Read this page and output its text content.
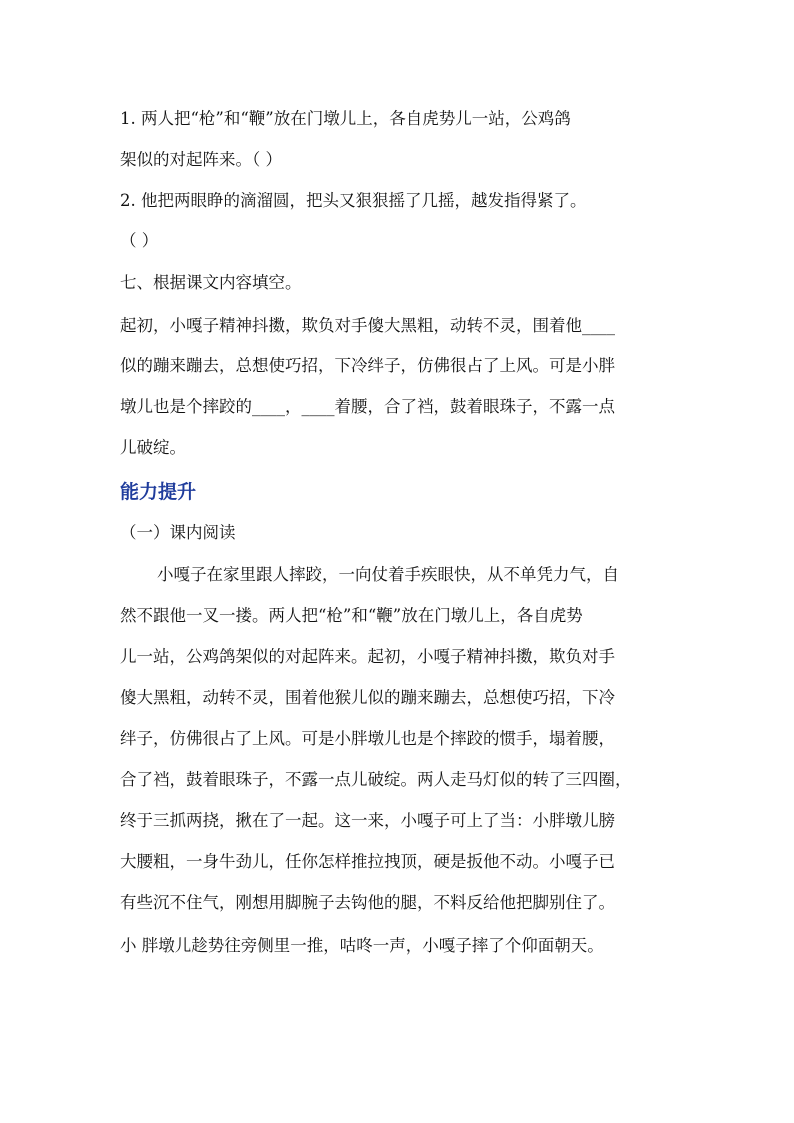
1. 两人把“枪”和“鞭”放在门墩儿上，各自虎势儿一站，公鸡鸽
架似的对起阵来。（ ）
2. 他把两眼睁的滴溜圆，把头又狠狠摇了几摇，越发指得紧了。
（ ）
七、根据课文内容填空。
起初，小嘎子精神抖擞，欺负对手傻大黑粗，动转不灵，围着他____
似的蹦来蹦去，总想使巧招，下冷绊子，仿佛很占了上风。可是小胖
墩儿也是个摔跤的____，____着腰，合了裆，鼓着眼珠子，不露一点
儿破绽。
能力提升
（一）课内阅读
小嘎子在家里跟人摔跤，一向仗着手疾眼快，从不单凭力气，自
然不跟他一叉一搂。两人把“枪”和“鞭”放在门墩儿上，各自虎势
儿一站，公鸡鸽架似的对起阵来。起初，小嘎子精神抖擞，欺负对手
傻大黑粗，动转不灵，围着他猴儿似的蹦来蹦去，总想使巧招，下冷
绊子，仿佛很占了上风。可是小胖墩儿也是个摔跤的惯手，塌着腰，
合了裆，鼓着眼珠子，不露一点儿破绽。两人走马灯似的转了三四圈，
终于三抓两挠，揪在了一起。这一来，小嘎子可上了当：小胖墩儿膀
大腰粗，一身牛劲儿，任你怎样推拉拽顶，硬是扳他不动。小嘎子已
有些沉不住气，刚想用脚腕子去钩他的腿，不料反给他把脚别住了。
小 胖墩儿趁势往旁侧里一推，咕咚一声，小嘎子摔了个仰面朝天。
